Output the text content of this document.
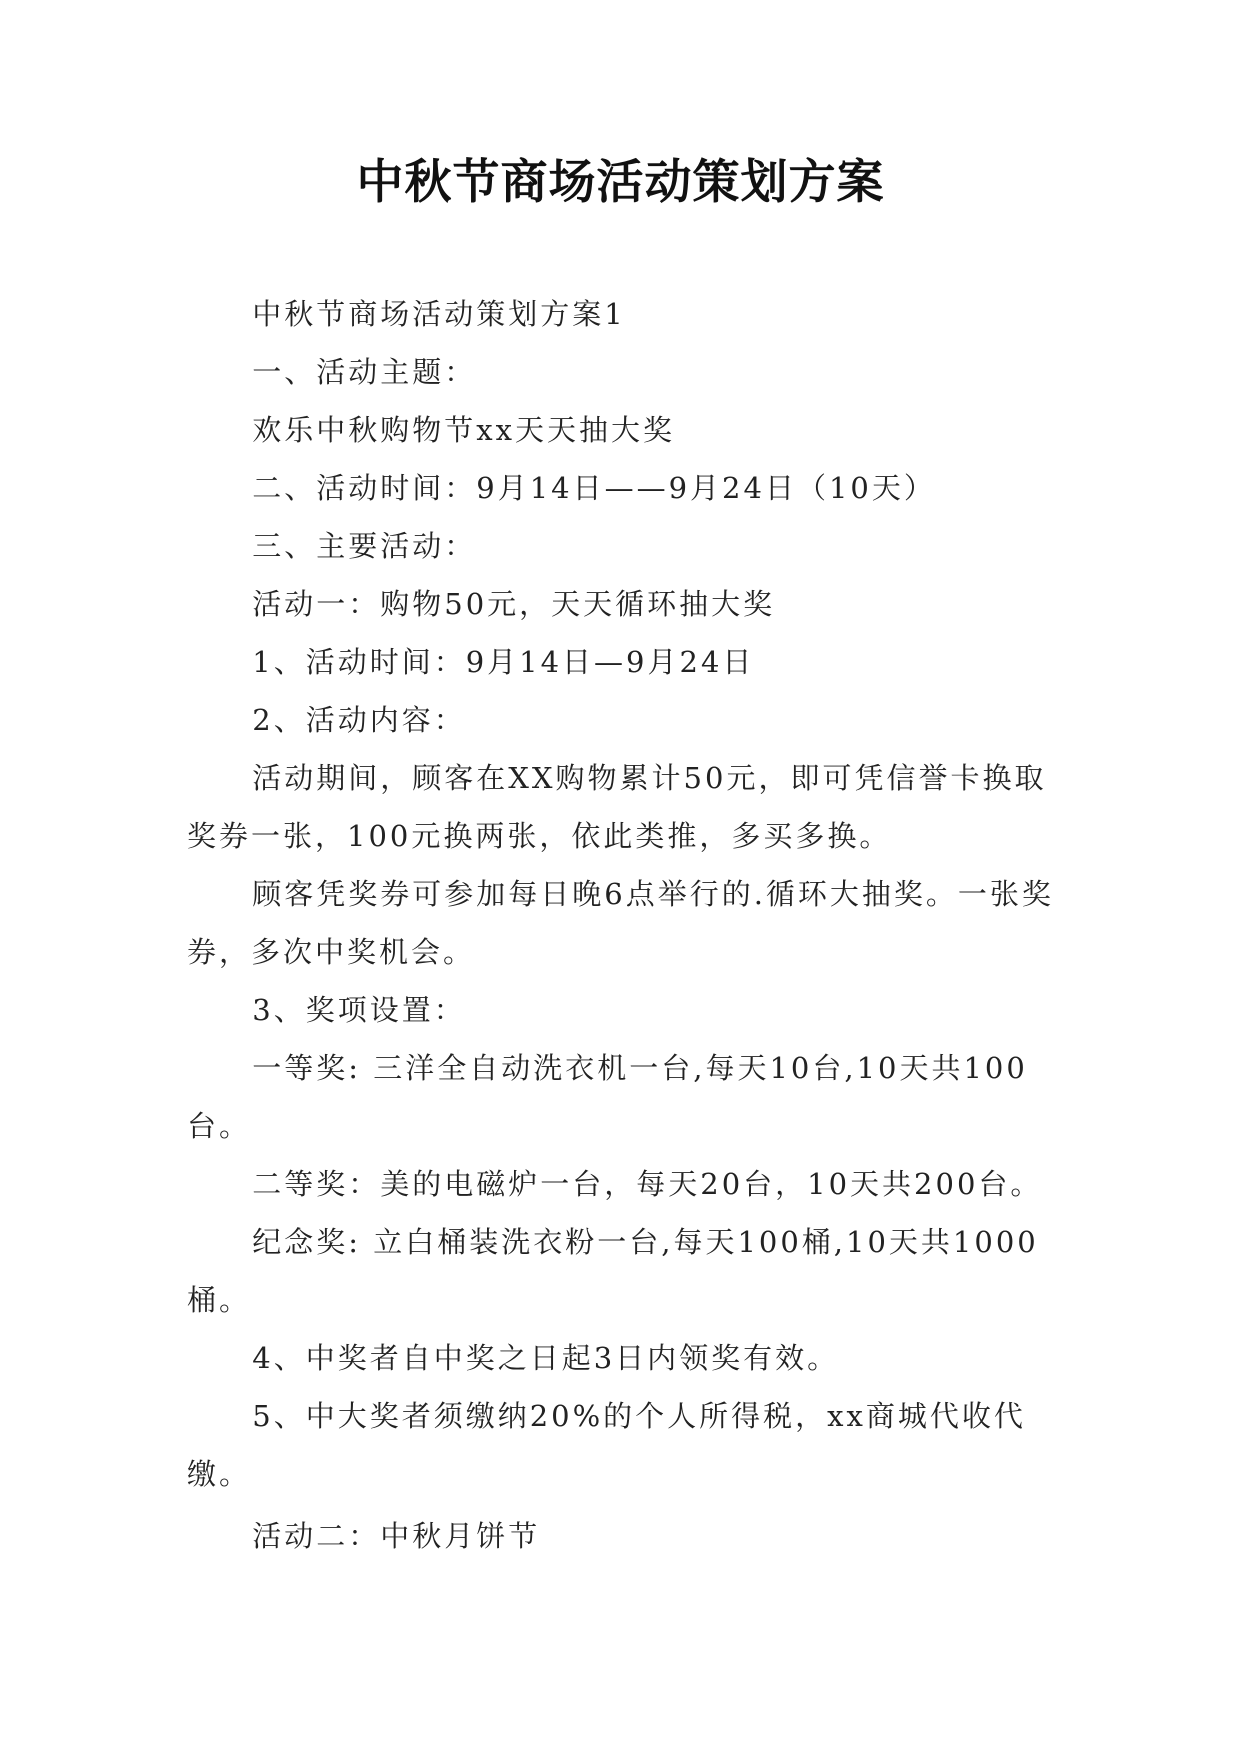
中秋节商场活动策划方案

中秋节商场活动策划方案1

一、活动主题：

欢乐中秋购物节xx天天抽大奖

二、活动时间：9月14日——9月24日（10天）

三、主要活动：

活动一：购物50元，天天循环抽大奖

1、活动时间：9月14日—9月24日

2、活动内容：

活动期间，顾客在XX购物累计50元，即可凭信誉卡换取奖券一张，100元换两张，依此类推，多买多换。

顾客凭奖券可参加每日晚6点举行的.循环大抽奖。一张奖券，多次中奖机会。

3、奖项设置：

一等奖: 三洋全自动洗衣机一台,每天10台,10天共100台。

二等奖：美的电磁炉一台，每天20台，10天共200台。

纪念奖: 立白桶装洗衣粉一台,每天100桶,10天共1000桶。

4、中奖者自中奖之日起3日内领奖有效。

5、中大奖者须缴纳20%的个人所得税，xx商城代收代缴。

活动二：中秋月饼节
